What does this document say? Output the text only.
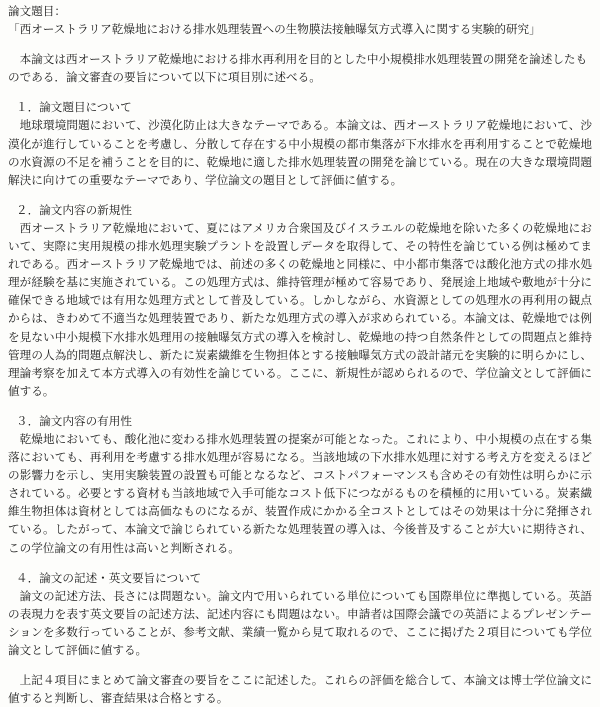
論文題目：「西オーストラリア乾燥地における排水処理装置への生物膜法接触曝気方式導入に関する実験的研究」

本論文は西オーストラリア乾燥地における排水再利用を目的とした中小規模排水処理装置の開発を論述したものである．論文審査の要旨について以下に項目別に述べる。

１．論文題目について

地球環境問題において、沙漠化防止は大きなテーマである。本論文は、西オーストラリア乾燥地において、沙漠化が進行していることを考慮し、分散して存在する中小規模の都市集落が下水排水を再利用することで乾燥地の水資源の不足を補うことを目的に、乾燥地に適した排水処理装置の開発を論じている。現在の大きな環境問題解決に向けての重要なテーマであり、学位論文の題目として評価に値する。

２．論文内容の新規性

西オーストラリア乾燥地において、夏にはアメリカ合衆国及びイスラエルの乾燥地を除いた多くの乾燥地において、実際に実用規模の排水処理実験プラントを設置しデータを取得して、その特性を論じている例は極めてまれである。西オーストラリア乾燥地では、前述の多くの乾燥地と同様に、中小都市集落では酸化池方式の排水処理が経験を基に実施されている。この処理方式は、維持管理が極めて容易であり、発展途上地域や敷地が十分に確保できる地域では有用な処理方式として普及している。しかしながら、水資源としての処理水の再利用の観点からは、きわめて不適当な処理装置であり、新たな処理方式の導入が求められている。本論文は、乾燥地では例を見ない中小規模下水排水処理用の接触曝気方式の導入を検討し、乾燥地の持つ自然条件としての問題点と維持管理の人為的問題点解決し、新たに炭素繊維を生物担体とする接触曝気方式の設計諸元を実験的に明らかにし、理論考察を加えて本方式導入の有効性を論じている。ここに、新規性が認められるので、学位論文として評価に値する。

３．論文内容の有用性

乾燥地においても、酸化池に変わる排水処理装置の提案が可能となった。これにより、中小規模の点在する集落においても、再利用を考慮する排水処理が容易になる。当該地域の下水排水処理に対する考え方を変えるほどの影響力を示し、実用実験装置の設置も可能となるなど、コストパフォーマンスも含めその有効性は明らかに示されている。必要とする資材も当該地域で入手可能なコスト低下につながるものを積極的に用いている。炭素繊維生物担体は資材としては高価なものになるが、装置作成にかかる全コストとしてはその効果は十分に発揮されている。したがって、本論文で論じられている新たな処理装置の導入は、今後普及することが大いに期待され、この学位論文の有用性は高いと判断される。

４．論文の記述・英文要旨について

論文の記述方法、長さには問題ない。論文内で用いられている単位についても国際単位に準拠している。英語の表現力を表す英文要旨の記述方法、記述内容にも問題はない。申請者は国際会議での英語によるプレゼンテーションを多数行っていることが、参考文献、業績一覧から見て取れるので、ここに掲げた２項目についても学位論文として評価に値する。

上記４項目にまとめて論文審査の要旨をここに記述した。これらの評価を総合して、本論文は博士学位論文に値すると判断し、審査結果は合格とする。
